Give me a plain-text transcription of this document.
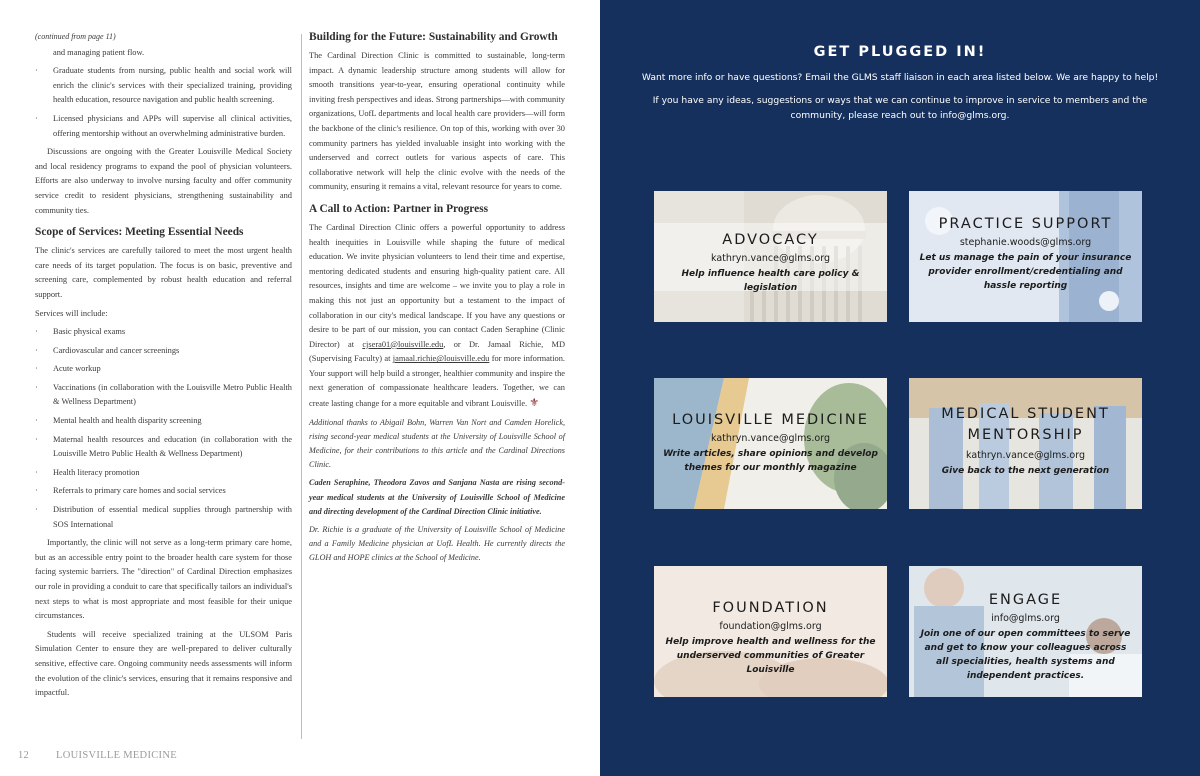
(continued from page 11)

and managing patient flow.

· Graduate students from nursing, public health and social work will enrich the clinic's services with their specialized training, providing health education, resource navigation and public health screening.
· Licensed physicians and APPs will supervise all clinical activities, offering mentorship without an overwhelming administrative burden.

Discussions are ongoing with the Greater Louisville Medical Society and local residency programs to expand the pool of physician volunteers. Efforts are also underway to involve nursing faculty and offer community service credit to resident physicians, strengthening sustainability and community ties.

Scope of Services: Meeting Essential Needs

The clinic's services are carefully tailored to meet the most urgent health care needs of its target population. The focus is on basic, preventive and screening care, complemented by robust health education and referral support.

Services will include:

· Basic physical exams
· Cardiovascular and cancer screenings
· Acute workup
· Vaccinations (in collaboration with the Louisville Metro Public Health & Wellness Department)
· Mental health and health disparity screening
· Maternal health resources and education (in collaboration with the Louisville Metro Public Health & Wellness Department)
· Health literacy promotion
· Referrals to primary care homes and social services
· Distribution of essential medical supplies through partnership with SOS International

Importantly, the clinic will not serve as a long-term primary care home, but as an accessible entry point to the broader health care system for those facing systemic barriers. The "direction" of Cardinal Direction emphasizes our role in providing a conduit to care that specifically tailors an individual's next steps to what is most appropriate and most feasible for their unique circumstances.

Students will receive specialized training at the ULSOM Paris Simulation Center to ensure they are well-prepared to deliver culturally sensitive, effective care. Ongoing community needs assessments will inform the evolution of the clinic's services, ensuring that it remains responsive and impactful.

Building for the Future: Sustainability and Growth

The Cardinal Direction Clinic is committed to sustainable, long-term impact. A dynamic leadership structure among students will allow for smooth transitions year-to-year, ensuring operational continuity while inviting fresh perspectives and ideas. Strong partnerships—with community organizations, UofL departments and local health care providers—will form the backbone of the clinic's resilience. On top of this, working with over 30 community partners has yielded invaluable insight into working with the underserved and correct outlets for various aspects of care. This collaborative network will help the clinic evolve with the needs of the community, ensuring it remains a vital, relevant resource for years to come.

A Call to Action: Partner in Progress

The Cardinal Direction Clinic offers a powerful opportunity to address health inequities in Louisville while shaping the future of medical education. We invite physician volunteers to lend their time and expertise, mentoring dedicated students and ensuring high-quality patient care. All resources, insights and time are welcome – we invite you to play a role in making this not just an opportunity but a testament to the impact of collaboration in our city's medical landscape. If you have any questions or desire to be part of our mission, you can contact Caden Seraphine (Clinic Director) at cjsera01@louisville.edu, or Dr. Jamaal Richie, MD (Supervising Faculty) at jamaal.richie@louisville.edu for more information. Your support will help build a stronger, healthier community and inspire the next generation of compassionate healthcare leaders. Together, we can create lasting change for a more equitable and vibrant Louisville. ⚜

Additional thanks to Abigail Bohn, Warren Van Nort and Camden Horelick, rising second-year medical students at the University of Louisville School of Medicine, for their contributions to this article and the Cardinal Directions Clinic.

Caden Seraphine, Theodora Zavos and Sanjana Nasta are rising second-year medical students at the University of Louisville School of Medicine and directing development of the Cardinal Direction Clinic initiative.

Dr. Richie is a graduate of the University of Louisville School of Medicine and a Family Medicine physician at UofL Health. He currently directs the GLOH and HOPE clinics at the School of Medicine.

12	LOUISVILLE MEDICINE
GET PLUGGED IN!
Want more info or have questions? Email the GLMS staff liaison in each area listed below. We are happy to help!
If you have any ideas, suggestions or ways that we can continue to improve in service to members and the community, please reach out to info@glms.org.
ADVOCACY
kathryn.vance@glms.org
Help influence health care policy & legislation
PRACTICE SUPPORT
stephanie.woods@glms.org
Let us manage the pain of your insurance provider enrollment/credentialing and hassle reporting
LOUISVILLE MEDICINE
kathryn.vance@glms.org
Write articles, share opinions and develop themes for our monthly magazine
MEDICAL STUDENT
MENTORSHIP
kathryn.vance@glms.org
Give back to the next generation
FOUNDATION
foundation@glms.org
Help improve health and wellness for the underserved communities of Greater Louisville
ENGAGE
info@glms.org
Join one of our open committees to serve and get to know your colleagues across all specialities, health systems and independent practices.
